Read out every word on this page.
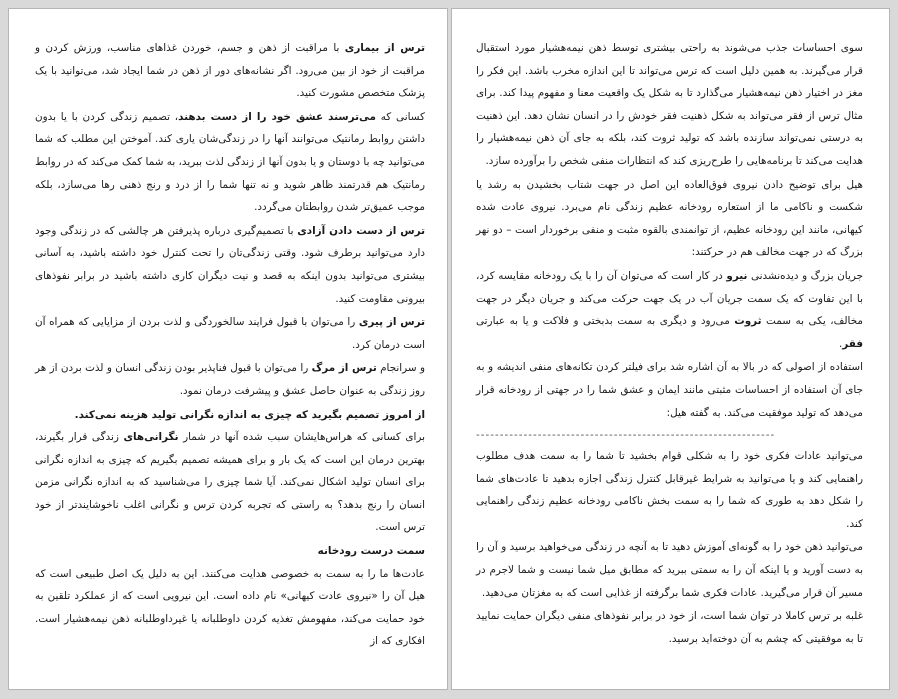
ترس از بیماری با مراقبت از ذهن و جسم، خوردن غذاهای مناسب، ورزش کردن و مراقبت از خود از بین می‌رود. اگر نشانه‌های دور از ذهن در شما ایجاد شد، می‌توانید با یک پزشک متخصص مشورت کنید.

کسانی که می‌ترسند عشق خود را از دست بدهند، تصمیم زندگی کردن با یا بدون داشتن روابط رمانتیک می‌توانند آنها را در زندگی‌شان یاری کند. آموختن این مطلب که شما می‌توانید چه با دوستان و یا بدون آنها از زندگی لذت ببرید، به شما کمک می‌کند که در روابط رمانتیک هم قدرتمند ظاهر شوید و نه تنها شما را از درد و رنج ذهنی رها می‌سازد، بلکه موجب عمیق‌تر شدن روابطتان می‌گردد.

ترس از دست دادن آزادی با تصمیم‌گیری درباره پذیرفتن هر چالشی که در زندگی وجود دارد می‌توانید برطرف شود. وقتی زندگی‌تان را تحت کنترل خود داشته باشید، به آسانی بیشتری می‌توانید بدون اینکه به قصد و نیت دیگران کاری داشته باشید در برابر نفوذهای بیرونی مقاومت کنید.

ترس از پیری را می‌توان با قبول فرایند سالخوردگی و لذت بردن از مزایایی که همراه آن است درمان کرد.

و سرانجام ترس از مرگ را می‌توان با قبول فناپذیر بودن زندگی انسان و لذت بردن از هر روز زندگی به عنوان حاصل عشق و پیشرفت درمان نمود.

از امروز تصمیم بگیرید که چیزی به اندازه نگرانی تولید هزینه نمی‌کند.

برای کسانی که هراس‌هایشان سبب شده آنها در شمار نگرانی‌های زندگی قرار بگیرند، بهترین درمان این است که یک بار و برای همیشه تصمیم بگیریم که چیزی به اندازه نگرانی برای انسان تولید اشکال نمی‌کند. آیا شما چیزی را می‌شناسید که به اندازه نگرانی مزمن انسان را رنج بدهد؟ به راستی که تجربه کردن ترس و نگرانی اغلب ناخوشایندتر از خود ترس است.

سمت درست رودخانه

عادت‌ها ما را به سمت به خصوصی هدایت می‌کنند. این به دلیل یک اصل طبیعی است که هیل آن را «نیروی عادت کیهانی» نام داده است. این نیرویی است که از عملکرد تلقین به خود حمایت می‌کند، مفهومش تغذیه کردن داوطلبانه یا غیرداوطلبانه ذهن نیمه‌هشیار است. افکاری که از

سوی احساسات جذب می‌شوند به راحتی بیشتری توسط ذهن نیمه‌هشیار مورد استقبال قرار می‌گیرند. به همین دلیل است که ترس می‌تواند تا این اندازه مخرب باشد. این فکر را مغز در اختیار ذهن نیمه‌هشیار می‌گذارد تا به شکل یک واقعیت معنا و مفهوم پیدا کند. برای مثال ترس از فقر می‌تواند به شکل ذهنیت فقر خودش را در انسان نشان دهد. این ذهنیت به درستی نمی‌تواند سازنده باشد که تولید ثروت کند، بلکه به جای آن ذهن نیمه‌هشیار را هدایت می‌کند تا برنامه‌هایی را طرح‌ریزی کند که انتظارات منفی شخص را برآورده سازد.

هیل برای توضیح دادن نیروی فوق‌العاده این اصل در جهت شتاب بخشیدن به رشد یا شکست و ناکامی ما از استعاره رودخانه عظیم زندگی نام می‌برد. نیروی عادت شده کیهانی، مانند این رودخانه عظیم، از توانمندی بالقوه مثبت و منفی برخوردار است – دو نهر بزرگ که در جهت مخالف هم در حرکتند:

جریان بزرگ و دیده‌نشدنی نیرو در کار است که می‌توان آن را با یک رودخانه مقایسه کرد، با این تفاوت که یک سمت جریان آب در یک جهت حرکت می‌کند و جریان دیگر در جهت مخالف، یکی به سمت ثروت می‌رود و دیگری به سمت بدبختی و فلاکت و یا به عبارتی فقر.

استفاده از اصولی که در بالا به آن اشاره شد برای فیلتر کردن تکانه‌های منفی اندیشه و به جای آن استفاده از احساسات مثبتی مانند ایمان و عشق شما را در جهتی از رودخانه قرار می‌دهد که تولید موفقیت می‌کند. به گفته هیل:

---------------------------------------------------------------

می‌توانید عادات فکری خود را به شکلی قوام بخشید تا شما را به سمت هدف مطلوب راهنمایی کند و یا می‌توانید به شرایط غیرقابل کنترل زندگی اجازه بدهید تا عادت‌های شما را شکل دهد به طوری که شما را به سمت بخش ناکامی رودخانه عظیم زندگی راهنمایی کند.

می‌توانید ذهن خود را به گونه‌ای آموزش دهید تا به آنچه در زندگی می‌خواهید برسید و آن را به دست آورید و یا اینکه آن را به سمتی ببرید که مطابق میل شما نیست و شما لاجرم در مسیر آن قرار می‌گیرید. عادات فکری شما برگرفته از غذایی است که به مغزتان می‌دهید.

غلبه بر ترس کاملا در توان شما است، از خود در برابر نفوذهای منفی دیگران حمایت نمایید تا به موفقیتی که چشم به آن دوخته‌اید برسید.
